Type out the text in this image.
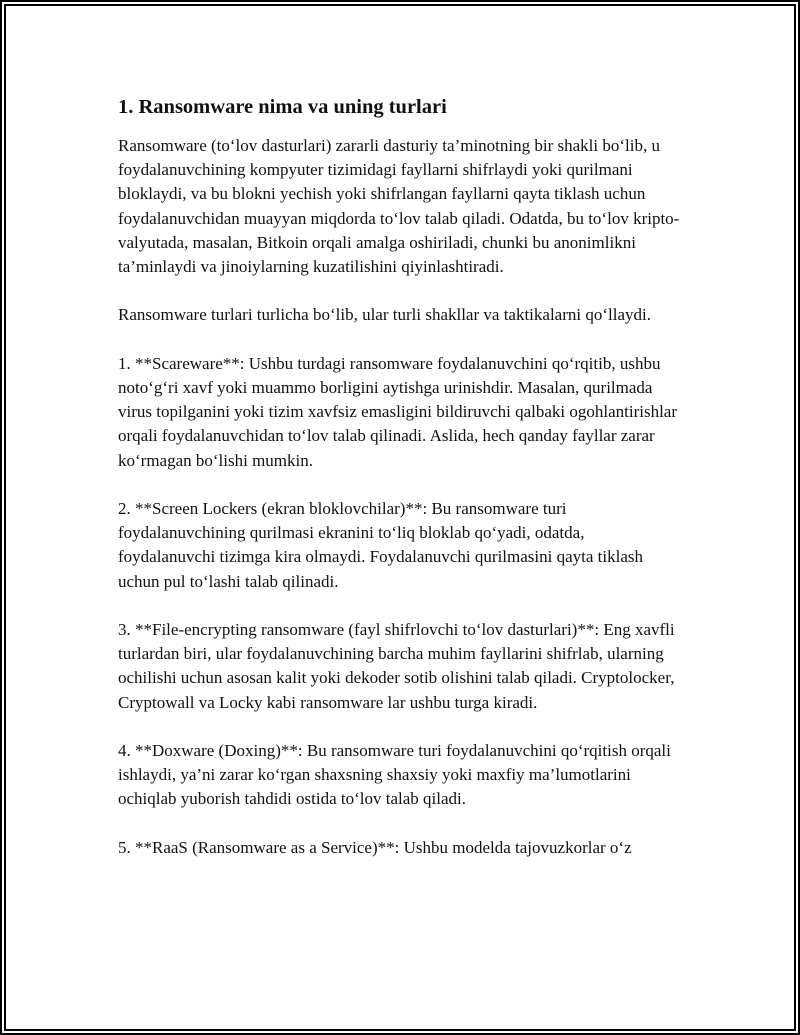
1. Ransomware nima va uning turlari

Ransomware (to‘lov dasturlari) zararli dasturiy ta’minotning bir shakli bo‘lib, u foydalanuvchining kompyuter tizimidagi fayllarni shifrlaydi yoki qurilmani bloklaydi, va bu blokni yechish yoki shifrlangan fayllarni qayta tiklash uchun foydalanuvchidan muayyan miqdorda to‘lov talab qiladi. Odatda, bu to‘lov kripto-valyutada, masalan, Bitkoin orqali amalga oshiriladi, chunki bu anonimlikni ta’minlaydi va jinoiylarning kuzatilishini qiyinlashtiradi.

Ransomware turlari turlicha bo‘lib, ular turli shakllar va taktikalarni qo‘llaydi.

1. **Scareware**: Ushbu turdagi ransomware foydalanuvchini qo‘rqitib, ushbu noto‘g‘ri xavf yoki muammo borligini aytishga urinishdir. Masalan, qurilmada virus topilganini yoki tizim xavfsiz emasligini bildiruvchi qalbaki ogohlantirishlar orqali foydalanuvchidan to‘lov talab qilinadi. Aslida, hech qanday fayllar zarar ko‘rmagan bo‘lishi mumkin.

2. **Screen Lockers (ekran bloklovchilar)**: Bu ransomware turi foydalanuvchining qurilmasi ekranini to‘liq bloklab qo‘yadi, odatda, foydalanuvchi tizimga kira olmaydi. Foydalanuvchi qurilmasini qayta tiklash uchun pul to‘lashi talab qilinadi.

3. **File-encrypting ransomware (fayl shifrlovchi to‘lov dasturlari)**: Eng xavfli turlardan biri, ular foydalanuvchining barcha muhim fayllarini shifrlab, ularning ochilishi uchun asosan kalit yoki dekoder sotib olishini talab qiladi. Cryptolocker, Cryptowall va Locky kabi ransomware lar ushbu turga kiradi.

4. **Doxware (Doxing)**: Bu ransomware turi foydalanuvchini qo‘rqitish orqali ishlaydi, ya’ni zarar ko‘rgan shaxsning shaxsiy yoki maxfiy ma’lumotlarini ochiqlab yuborish tahdidi ostida to‘lov talab qiladi.

5. **RaaS (Ransomware as a Service)**: Ushbu modelda tajovuzkorlar o‘z
